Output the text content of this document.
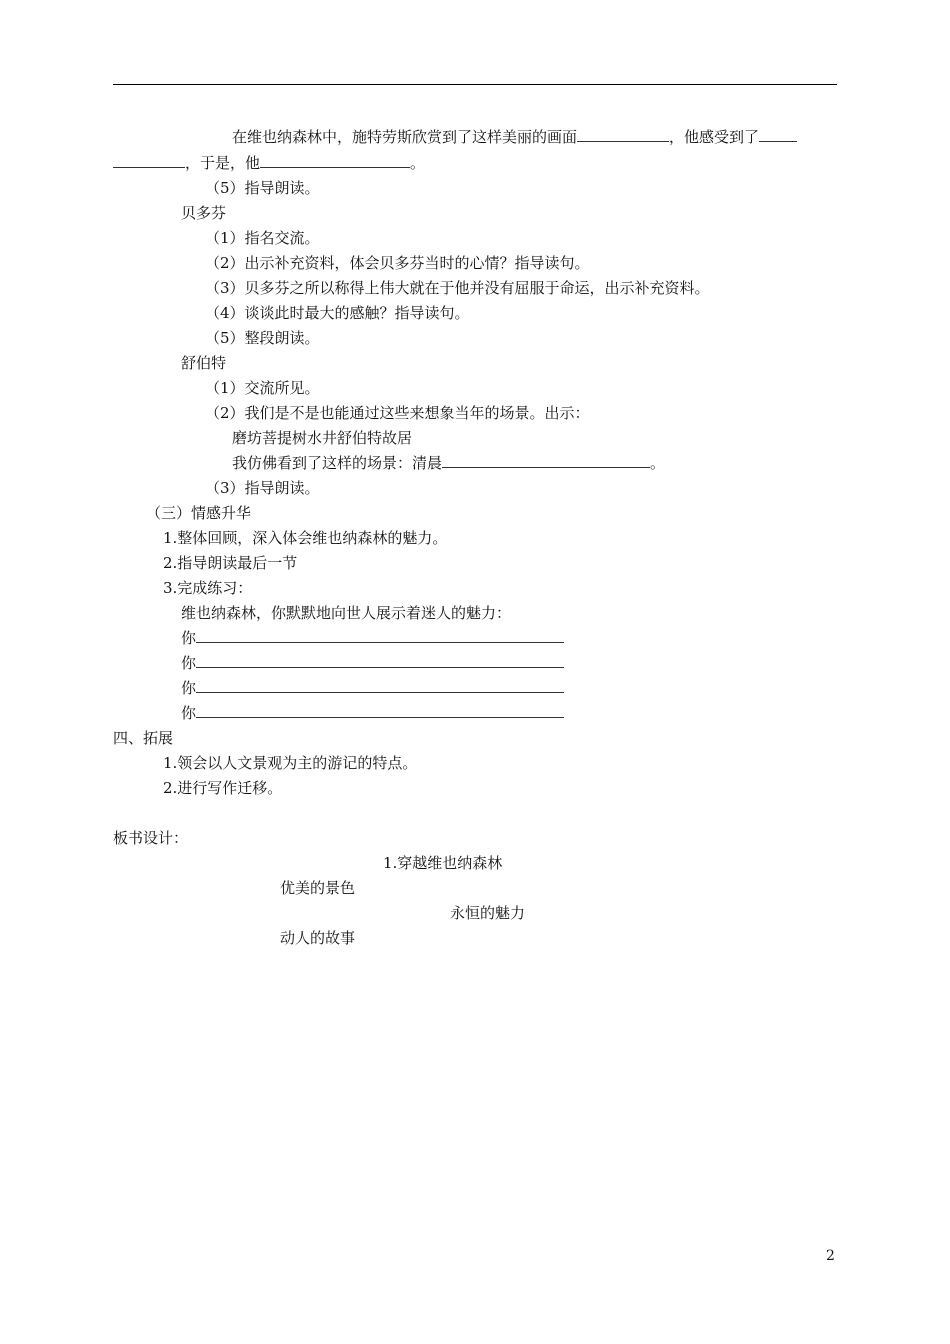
在维也纳森林中，施特劳斯欣赏到了这样美丽的画面	，他感受到了
，于是，他	。
（5）指导朗读。
贝多芬
（1）指名交流。
（2）出示补充资料，体会贝多芬当时的心情？指导读句。
（3）贝多芬之所以称得上伟大就在于他并没有屈服于命运，出示补充资料。
（4）谈谈此时最大的感触？指导读句。
（5）整段朗读。
舒伯特
（1）交流所见。
（2）我们是不是也能通过这些来想象当年的场景。出示：
磨坊菩提树水井舒伯特故居
我仿佛看到了这样的场景：清晨	。
（3）指导朗读。
（三）情感升华
1.整体回顾，深入体会维也纳森林的魅力。
2.指导朗读最后一节
3.完成练习：
维也纳森林，你默默地向世人展示着迷人的魅力：
你
你
你
你
四、拓展
1.领会以人文景观为主的游记的特点。
2.进行写作迁移。
板书设计：
1.穿越维也纳森林
优美的景色
永恒的魅力
动人的故事
2
